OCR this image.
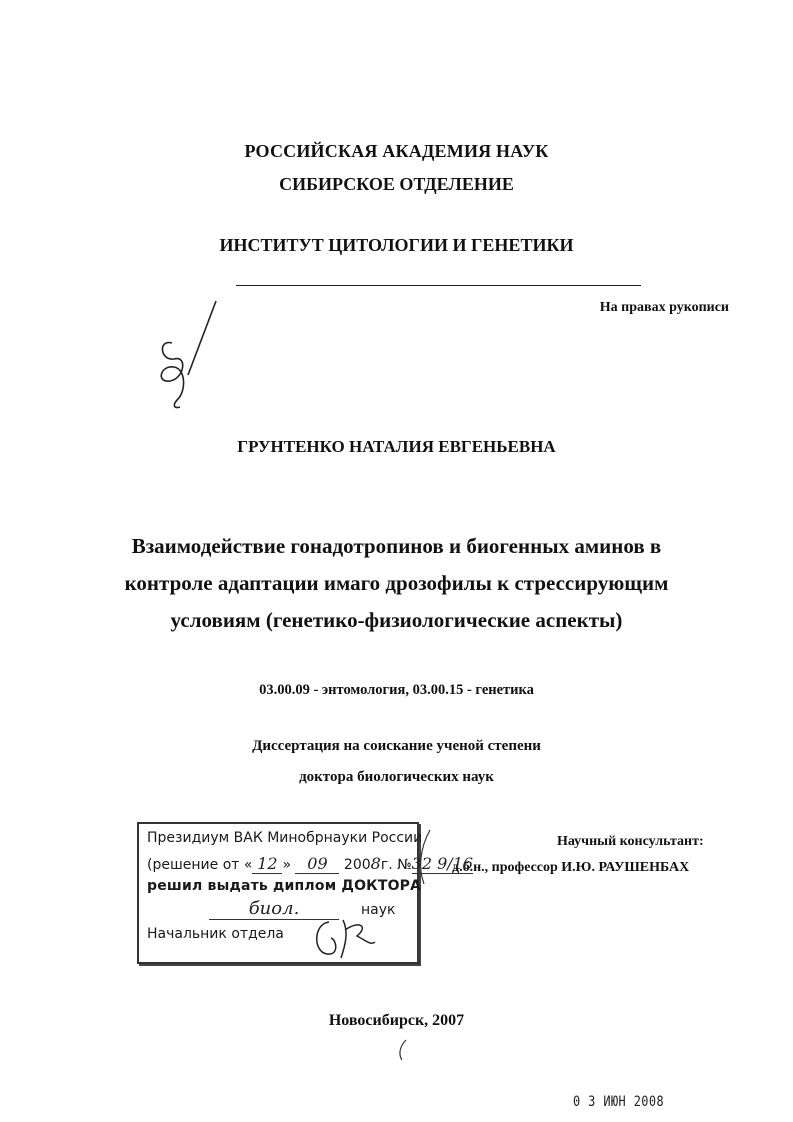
РОССИЙСКАЯ АКАДЕМИЯ НАУК
СИБИРСКОЕ ОТДЕЛЕНИЕ
ИНСТИТУТ ЦИТОЛОГИИ И ГЕНЕТИКИ
На правах рукописи
ГРУНТЕНКО НАТАЛИЯ ЕВГЕНЬЕВНА
Взаимодействие гонадотропинов и биогенных аминов в
контроле адаптации имаго дрозофилы к стрессирующим
условиям (генетико-физиологические аспекты)
03.00.09 - энтомология, 03.00.15 - генетика
Диссертация на соискание ученой степени
доктора биологических наук
Научный консультант:
д.б.н., профессор И.Ю. РАУШЕНБАХ
Президиум ВАК Минобрнауки России
(решение от « 12 » 09 2008г. №32 9/16
решил выдать диплом ДОКТОРА
биол.	наук
Начальник отдела
Новосибирск, 2007
0 3 ИЮН 2008
